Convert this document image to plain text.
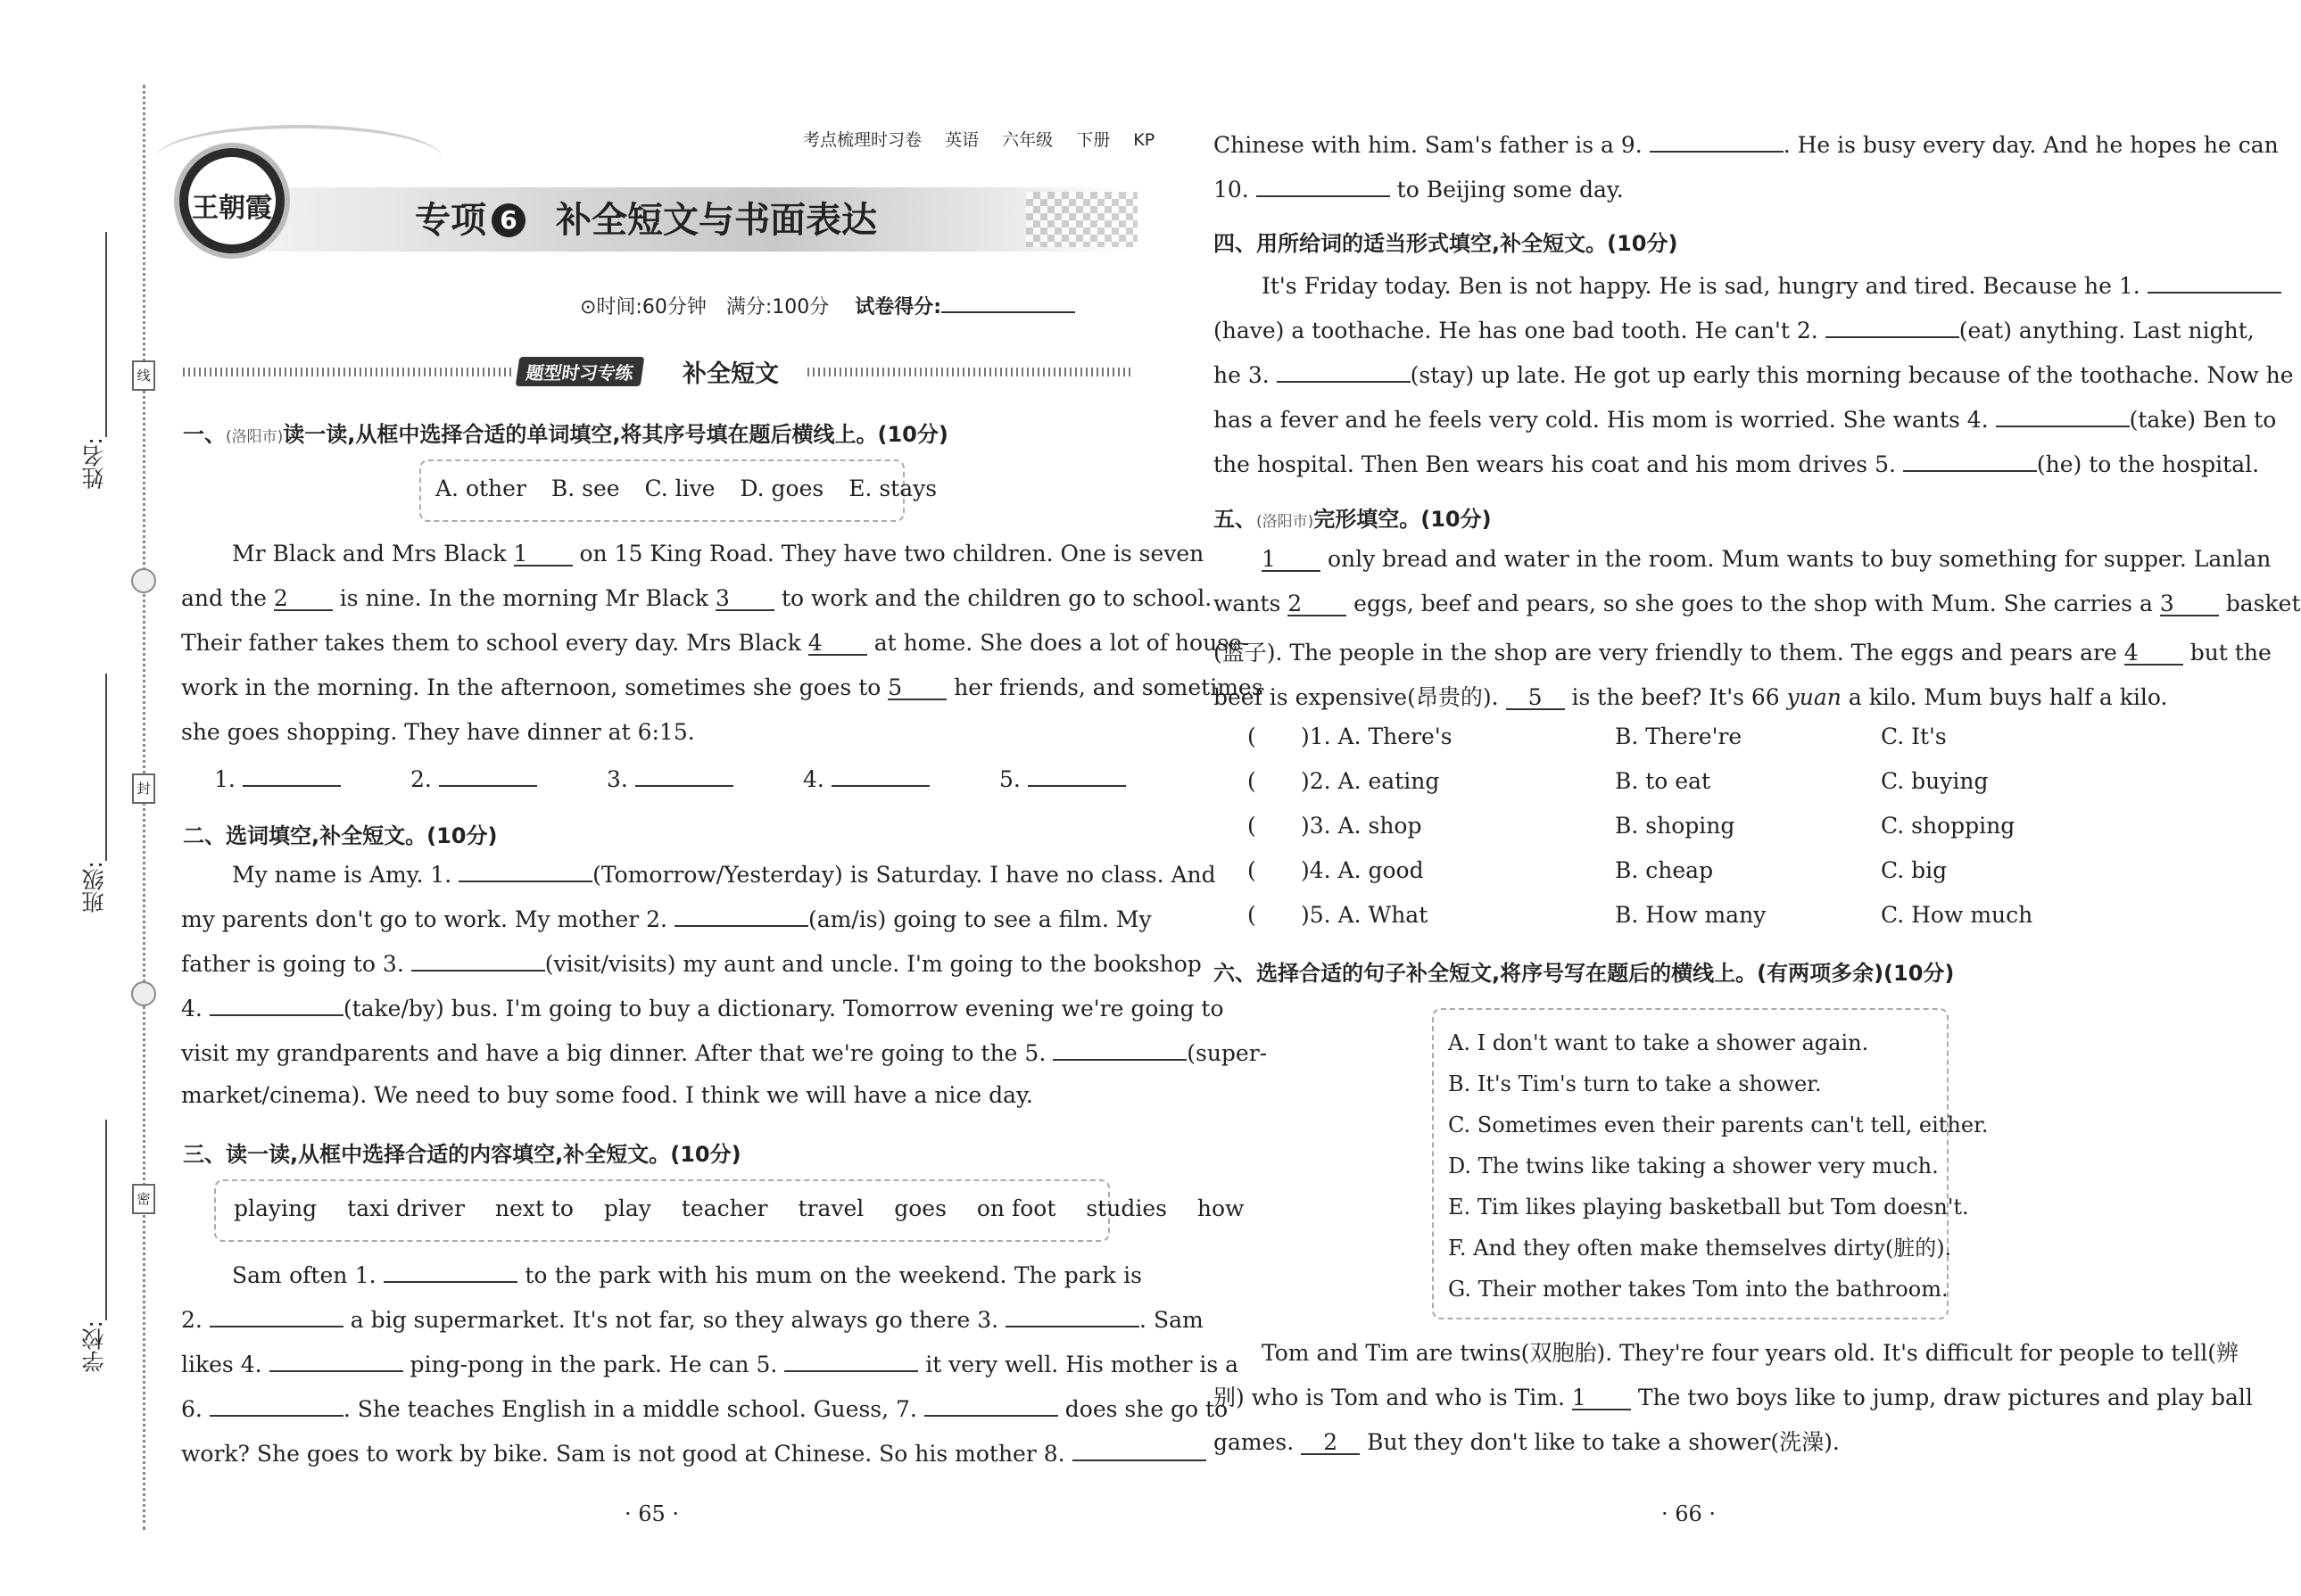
线
封
密
姓名:
班级:
学校:
考点梳理时习卷 英语 六年级 下册 KP
王朝霞	专项 6 补全短文与书面表达
⊙时间:60分钟　满分:100分 试卷得分:
题型时习专练	补全短文
一、(洛阳市)读一读,从框中选择合适的单词填空,将其序号填在题后横线上。(10分)
A. other B. see C. live D. goes E. stays
Mr Black and Mrs Black 1 on 15 King Road. They have two children. One is seven
and the 2 is nine. In the morning Mr Black 3 to work and the children go to school.
Their father takes them to school every day. Mrs Black 4 at home. She does a lot of house-
work in the morning. In the afternoon, sometimes she goes to 5 her friends, and sometimes
she goes shopping. They have dinner at 6:15.
1.	2.	3.	4.	5.
二、选词填空,补全短文。(10分)
My name is Amy. 1.	(Tomorrow/Yesterday) is Saturday. I have no class. And
my parents don't go to work. My mother 2.	(am/is) going to see a film. My
father is going to 3.	(visit/visits) my aunt and uncle. I'm going to the bookshop
4.	(take/by) bus. I'm going to buy a dictionary. Tomorrow evening we're going to
visit my grandparents and have a big dinner. After that we're going to the 5.	(super-
market/cinema). We need to buy some food. I think we will have a nice day.
三、读一读,从框中选择合适的内容填空,补全短文。(10分)
playing taxi driver next to play teacher travel goes on foot studies how
Sam often 1.	to the park with his mum on the weekend. The park is
2.	a big supermarket. It's not far, so they always go there 3.	. Sam
likes 4.	ping-pong in the park. He can 5.	it very well. His mother is a
6.	. She teaches English in a middle school. Guess, 7.	does she go to
work? She goes to work by bike. Sam is not good at Chinese. So his mother 8.
· 65 ·
Chinese with him. Sam's father is a 9.	. He is busy every day. And he hopes he can
10.	to Beijing some day.
四、用所给词的适当形式填空,补全短文。(10分)
It's Friday today. Ben is not happy. He is sad, hungry and tired. Because he 1.
(have) a toothache. He has one bad tooth. He can't 2.	(eat) anything. Last night,
he 3.	(stay) up late. He got up early this morning because of the toothache. Now he
has a fever and he feels very cold. His mom is worried. She wants 4.	(take) Ben to
the hospital. Then Ben wears his coat and his mom drives 5.	(he) to the hospital.
五、(洛阳市)完形填空。(10分)
1 only bread and water in the room. Mum wants to buy something for supper. Lanlan
wants 2 eggs, beef and pears, so she goes to the shop with Mum. She carries a 3 basket
(篮子). The people in the shop are very friendly to them. The eggs and pears are 4 but the
beef is expensive(昂贵的). 5 is the beef? It's 66 yuan a kilo. Mum buys half a kilo.
( )1. A. There's	B. There're	C. It's
( )2. A. eating	B. to eat	C. buying
( )3. A. shop	B. shoping	C. shopping
( )4. A. good	B. cheap	C. big
( )5. A. What	B. How many	C. How much
六、选择合适的句子补全短文,将序号写在题后的横线上。(有两项多余)(10分)
A. I don't want to take a shower again.
B. It's Tim's turn to take a shower.
C. Sometimes even their parents can't tell, either.
D. The twins like taking a shower very much.
E. Tim likes playing basketball but Tom doesn't.
F. And they often make themselves dirty(脏的).
G. Their mother takes Tom into the bathroom.
Tom and Tim are twins(双胞胎). They're four years old. It's difficult for people to tell(辨
别) who is Tom and who is Tim. 1 The two boys like to jump, draw pictures and play ball
games. 2 But they don't like to take a shower(洗澡).
· 66 ·
